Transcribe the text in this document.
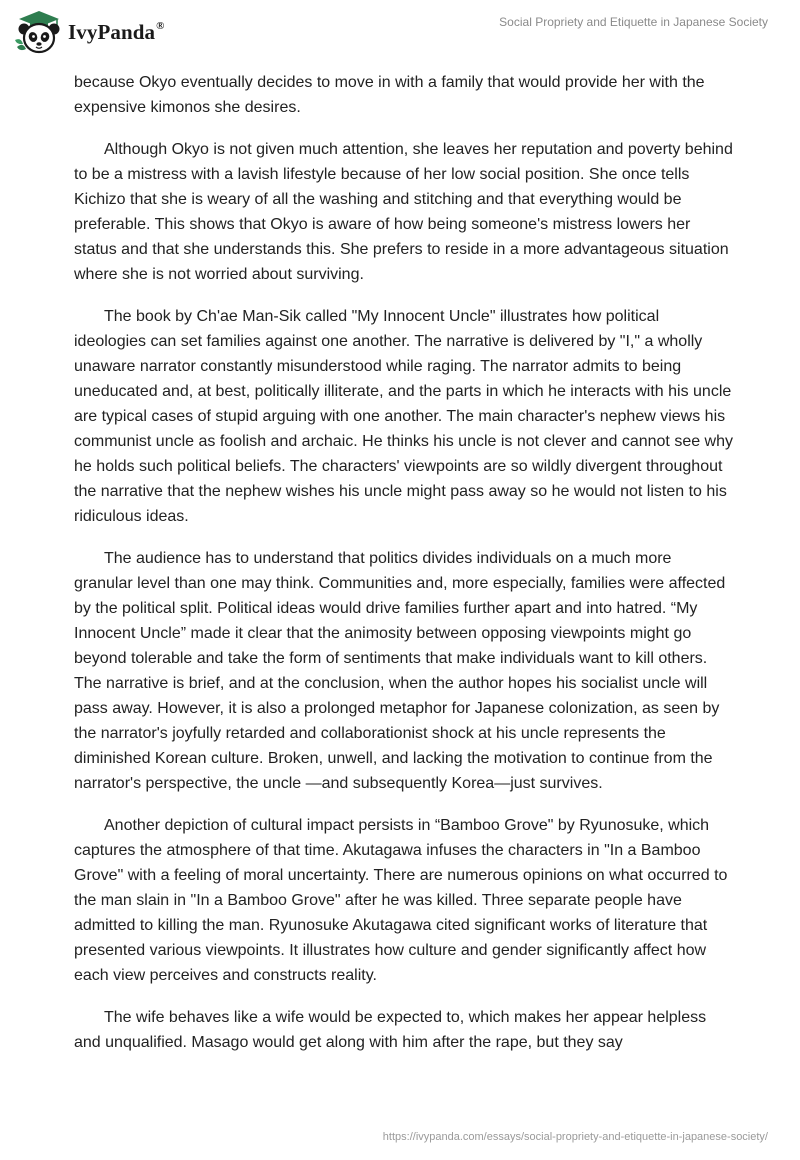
IvyPanda®	Social Propriety and Etiquette in Japanese Society

because Okyo eventually decides to move in with a family that would provide her with the expensive kimonos she desires.

Although Okyo is not given much attention, she leaves her reputation and poverty behind to be a mistress with a lavish lifestyle because of her low social position. She once tells Kichizo that she is weary of all the washing and stitching and that everything would be preferable. This shows that Okyo is aware of how being someone's mistress lowers her status and that she understands this. She prefers to reside in a more advantageous situation where she is not worried about surviving.

The book by Ch'ae Man-Sik called "My Innocent Uncle" illustrates how political ideologies can set families against one another. The narrative is delivered by "I," a wholly unaware narrator constantly misunderstood while raging. The narrator admits to being uneducated and, at best, politically illiterate, and the parts in which he interacts with his uncle are typical cases of stupid arguing with one another. The main character's nephew views his communist uncle as foolish and archaic. He thinks his uncle is not clever and cannot see why he holds such political beliefs. The characters' viewpoints are so wildly divergent throughout the narrative that the nephew wishes his uncle might pass away so he would not listen to his ridiculous ideas.

The audience has to understand that politics divides individuals on a much more granular level than one may think. Communities and, more especially, families were affected by the political split. Political ideas would drive families further apart and into hatred. “My Innocent Uncle” made it clear that the animosity between opposing viewpoints might go beyond tolerable and take the form of sentiments that make individuals want to kill others. The narrative is brief, and at the conclusion, when the author hopes his socialist uncle will pass away. However, it is also a prolonged metaphor for Japanese colonization, as seen by the narrator's joyfully retarded and collaborationist shock at his uncle represents the diminished Korean culture. Broken, unwell, and lacking the motivation to continue from the narrator's perspective, the uncle —and subsequently Korea—just survives.

Another depiction of cultural impact persists in “Bamboo Grove" by Ryunosuke, which captures the atmosphere of that time. Akutagawa infuses the characters in "In a Bamboo Grove" with a feeling of moral uncertainty. There are numerous opinions on what occurred to the man slain in "In a Bamboo Grove" after he was killed. Three separate people have admitted to killing the man. Ryunosuke Akutagawa cited significant works of literature that presented various viewpoints. It illustrates how culture and gender significantly affect how each view perceives and constructs reality.

The wife behaves like a wife would be expected to, which makes her appear helpless and unqualified. Masago would get along with him after the rape, but they say

https://ivypanda.com/essays/social-propriety-and-etiquette-in-japanese-society/
